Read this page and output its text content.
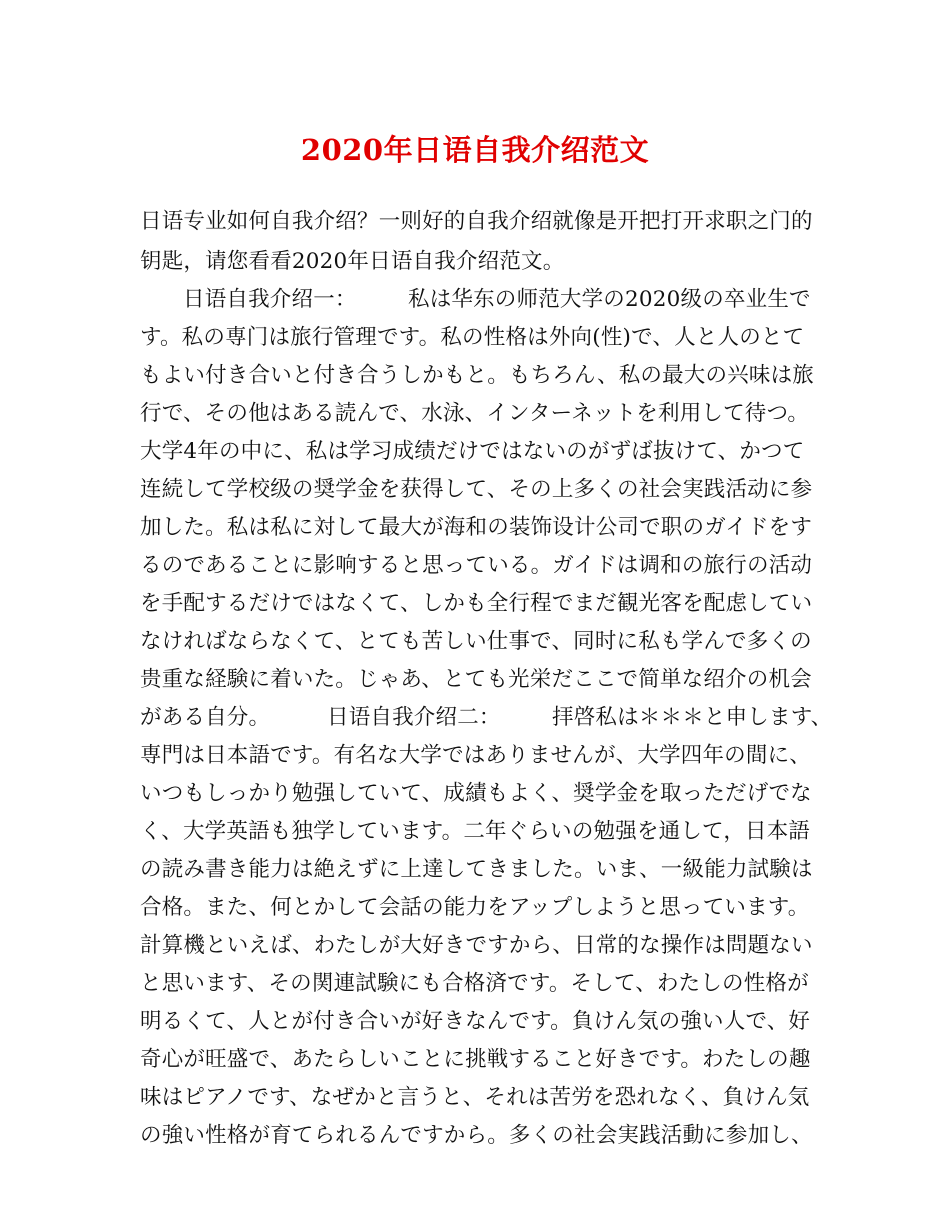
2020年日语自我介绍范文
日语专业如何自我介绍？一则好的自我介绍就像是开把打开求职之门的
钥匙，请您看看2020年日语自我介绍范文。
日语自我介绍一： 私は华东の师范大学の2020级の卒业生で
す。私の専门は旅行管理です。私の性格は外向(性)で、人と人のとて
もよい付き合いと付き合うしかもと。もちろん、私の最大の兴味は旅
行で、その他はある読んで、水泳、インターネットを利用して待つ。
大学4年の中に、私は学习成绩だけではないのがずば抜けて、かつて
连続して学校级の奨学金を获得して、その上多くの社会実践活动に参
加した。私は私に対して最大が海和の装饰设计公司で职のガイドをす
るのであることに影响すると思っている。ガイドは调和の旅行の活动
を手配するだけではなくて、しかも全行程でまだ観光客を配虑してい
なければならなくて、とても苦しい仕事で、同时に私も学んで多くの
贵重な経験に着いた。じゃあ、とても光栄だここで简単な绍介の机会
がある自分。	日语自我介绍二： 拝啓私は＊＊＊と申します、
専門は日本語です。有名な大学ではありませんが、大学四年の間に、
いつもしっかり勉强していて、成績もよく、奨学金を取っただげでな
く、大学英語も独学しています。二年ぐらいの勉强を通して，日本語
の読み書き能力は絶えずに上達してきました。いま、一級能力試験は
合格。また、何とかして会話の能力をアップしようと思っています。
計算機といえば、わたしが大好きですから、日常的な操作は問題ない
と思います、その関連試験にも合格済です。そして、わたしの性格が
明るくて、人とが付き合いが好きなんです。負けん気の強い人で、好
奇心が旺盛で、あたらしいことに挑戦すること好きです。わたしの趣
味はピアノです、なぜかと言うと、それは苦労を恐れなく、負けん気
の強い性格が育てられるんですから。多くの社会実践活動に参加し、
